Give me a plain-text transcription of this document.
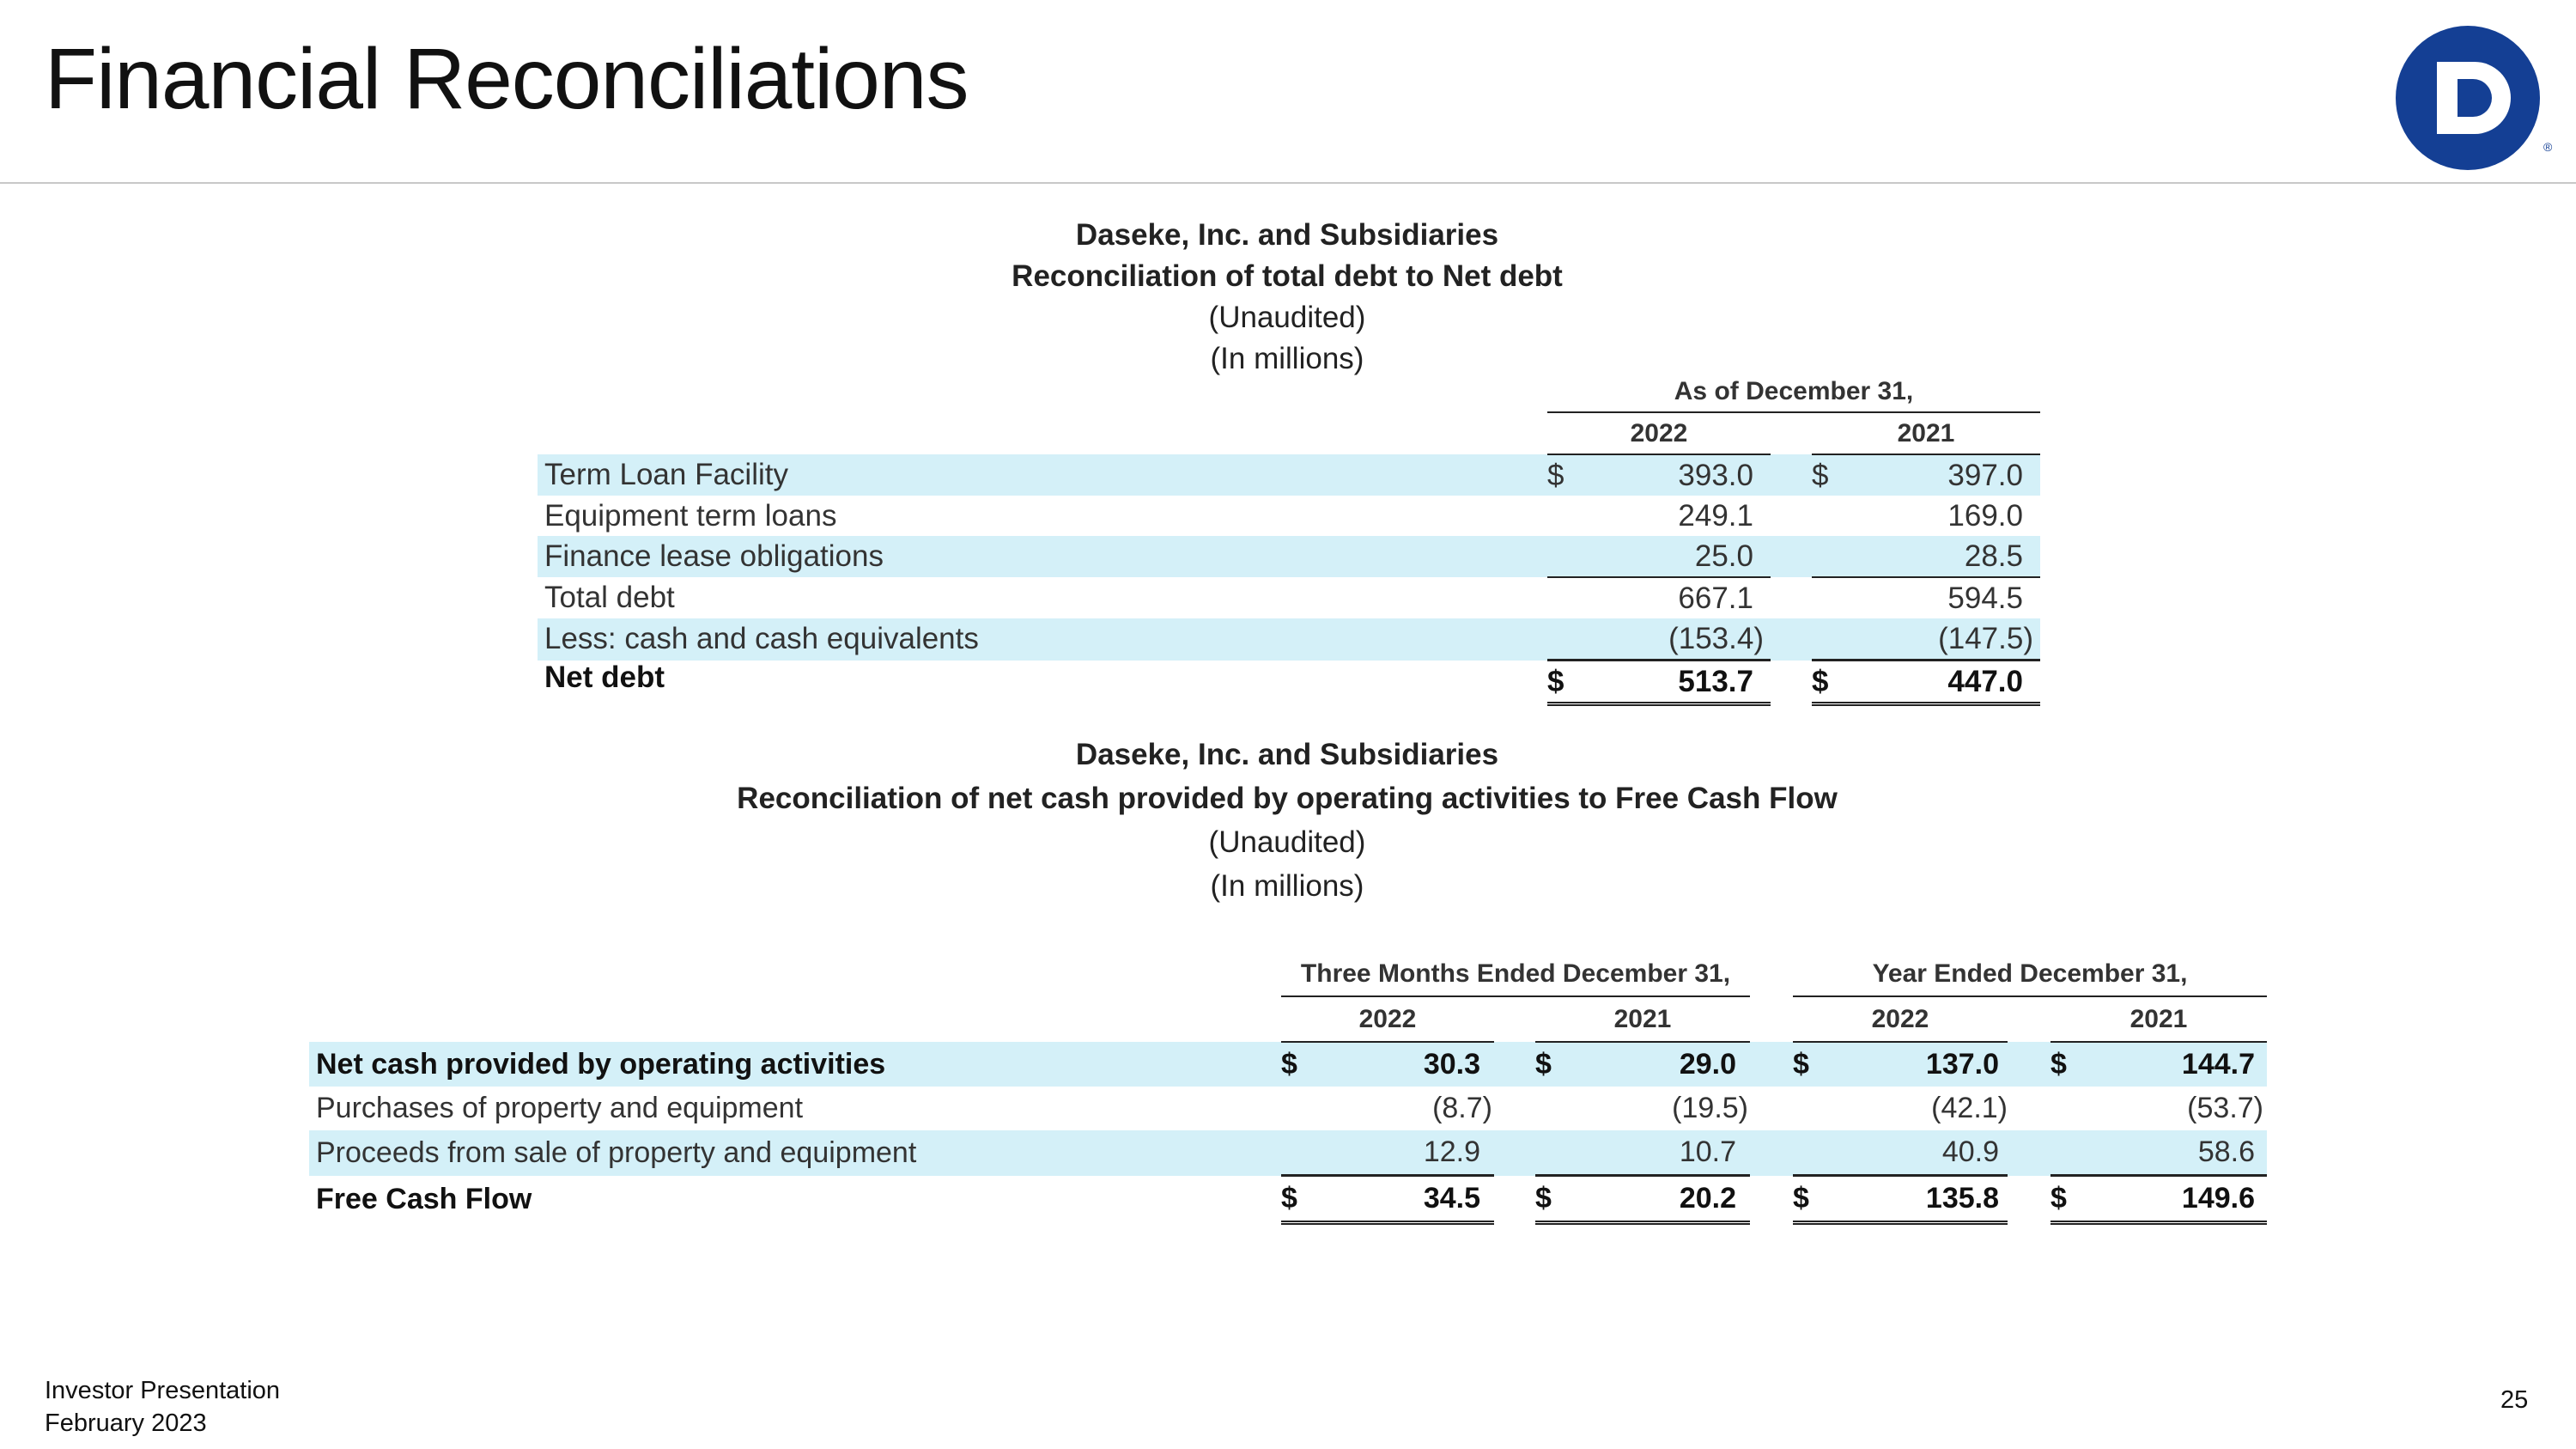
Financial Reconciliations
®
Daseke, Inc. and Subsidiaries
Reconciliation of total debt to Net debt
(Unaudited)
(In millions)
	As of December 31,				
	2022			2021	
Term Loan Facility	$	393.0		$	397.0
Equipment term loans		249.1			169.0
Finance lease obligations		25.0			28.5
Total debt		667.1			594.5
Less: cash and cash equivalents		(153.4)			(147.5)
Net debt	$	513.7		$	447.0
Daseke, Inc. and Subsidiaries
Reconciliation of net cash provided by operating activities to Free Cash Flow
(Unaudited)
(In millions)
	Three Months Ended December 31,						Year Ended December 31,				
	2022			2021			2022			2021	
Net cash provided by operating activities	$	30.3		$	29.0		$	137.0		$	144.7
Purchases of property and equipment		(8.7)			(19.5)			(42.1)			(53.7)
Proceeds from sale of property and equipment		12.9			10.7			40.9			58.6
Free Cash Flow	$	34.5		$	20.2		$	135.8		$	149.6
Investor Presentation
February 2023
25
